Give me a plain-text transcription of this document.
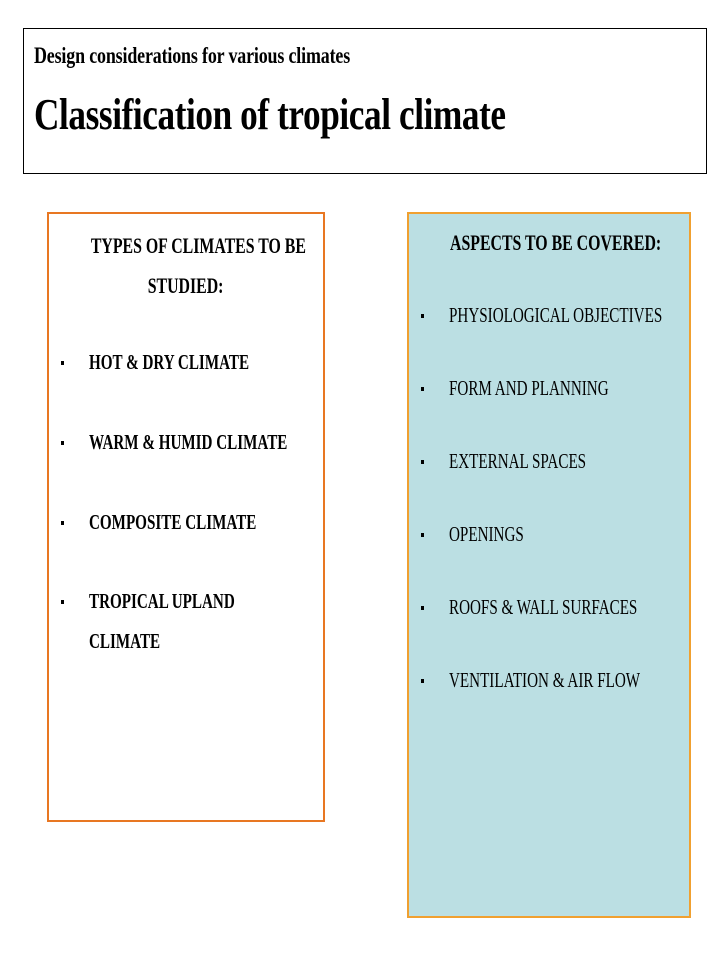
Design considerations for various climates
Classification of tropical climate
TYPES OF CLIMATES TO BE
STUDIED:
HOT & DRY CLIMATE
WARM & HUMID CLIMATE
COMPOSITE CLIMATE
TROPICAL UPLAND
CLIMATE
ASPECTS TO BE COVERED:
PHYSIOLOGICAL OBJECTIVES
FORM AND PLANNING
EXTERNAL SPACES
OPENINGS
ROOFS & WALL SURFACES
VENTILATION & AIR FLOW
